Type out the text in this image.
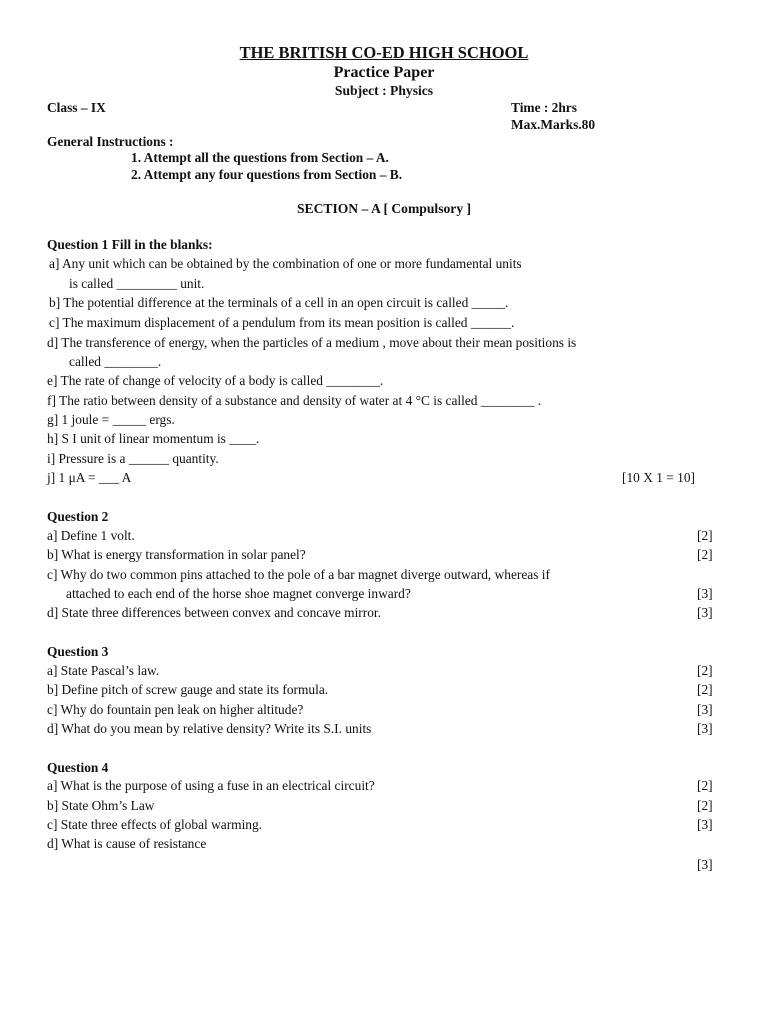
THE BRITISH CO-ED HIGH SCHOOL
Practice Paper
Subject : Physics
Class – IX	Time : 2hrs
Max.Marks.80
General Instructions :
1. Attempt all the questions from Section – A.
2. Attempt any four questions from Section – B.
SECTION – A [ Compulsory ]
Question 1 Fill in the blanks:
a] Any unit which can be obtained by the combination of one or more fundamental units
is called _________ unit.
b] The potential difference at the terminals of a cell in an open circuit is called _____.
c] The maximum displacement of a pendulum from its mean position is called ______.
d] The transference of energy, when the particles of a medium , move about their mean positions is
called ________.
e] The rate of change of velocity of a body is called ________.
f] The ratio between density of a substance and density of water at 4 °C is called ________ .
g] 1 joule = _____ ergs.
h] S I unit of linear momentum is ____.
i] Pressure is a ______ quantity.
j] 1 μA = ___ A	[10 X 1 = 10]
Question 2
a] Define 1 volt.	[2]
b] What is energy transformation in solar panel?	[2]
c] Why do two common pins attached to the pole of a bar magnet diverge outward, whereas if
attached to each end of the horse shoe magnet converge inward?	[3]
d] State three differences between convex and concave mirror.	[3]
Question 3
a] State Pascal’s law.	[2]
b] Define pitch of screw gauge and state its formula.	[2]
c] Why do fountain pen leak on higher altitude?	[3]
d] What do you mean by relative density? Write its S.I. units	[3]
Question 4
a] What is the purpose of using a fuse in an electrical circuit?	[2]
b] State Ohm’s Law	[2]
c] State three effects of global warming.	[3]
d] What is cause of resistance
[3]
